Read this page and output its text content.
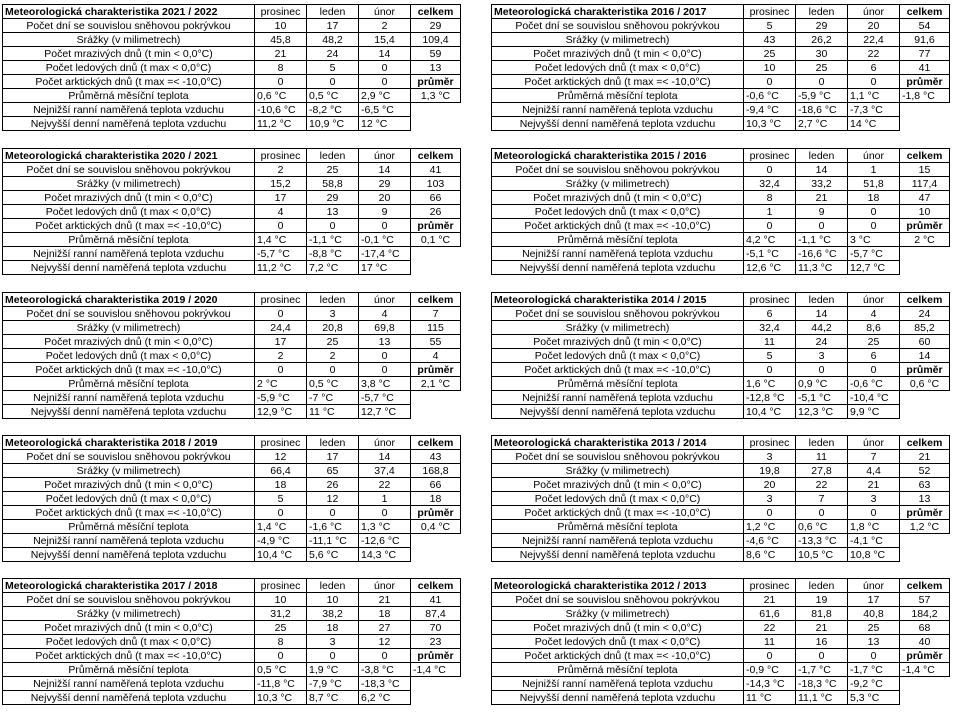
Meteorologická charakteristika 2021 / 2022	prosinec	leden	únor	celkem
Počet dní se souvislou sněhovou pokrývkou	10	17	2	29
Srážky (v milimetrech)	45,8	48,2	15,4	109,4
Počet mrazivých dnů (t min < 0,0°C)	21	24	14	59
Počet ledových dnů (t max < 0,0°C)	8	5	0	13
Počet arktických dnů (t max =< -10,0°C)	0	0	0	průměr
Průměrná měsíční teplota	0,6 °C	0,5 °C	2,9 °C	1,3 °C
Nejnižší ranní naměřená teplota vzduchu	-10,6 °C	-8,2 °C	-6,5 °C	
Nejvyšší denní naměřená teplota vzduchu	11,2 °C	10,9 °C	12 °C	
Meteorologická charakteristika 2020 / 2021	prosinec	leden	únor	celkem
Počet dní se souvislou sněhovou pokrývkou	2	25	14	41
Srážky (v milimetrech)	15,2	58,8	29	103
Počet mrazivých dnů (t min < 0,0°C)	17	29	20	66
Počet ledových dnů (t max < 0,0°C)	4	13	9	26
Počet arktických dnů (t max =< -10,0°C)	0	0	0	průměr
Průměrná měsíční teplota	1,4 °C	-1,1 °C	-0,1 °C	0,1 °C
Nejnižší ranní naměřená teplota vzduchu	-5,7 °C	-8,8 °C	-17,4 °C	
Nejvyšší denní naměřená teplota vzduchu	11,2 °C	7,2 °C	17 °C	
Meteorologická charakteristika 2019 / 2020	prosinec	leden	únor	celkem
Počet dní se souvislou sněhovou pokrývkou	0	3	4	7
Srážky (v milimetrech)	24,4	20,8	69,8	115
Počet mrazivých dnů (t min < 0,0°C)	17	25	13	55
Počet ledových dnů (t max < 0,0°C)	2	2	0	4
Počet arktických dnů (t max =< -10,0°C)	0	0	0	průměr
Průměrná měsíční teplota	2 °C	0,5 °C	3,8 °C	2,1 °C
Nejnižší ranní naměřená teplota vzduchu	-5,9 °C	-7 °C	-5,7 °C	
Nejvyšší denní naměřená teplota vzduchu	12,9 °C	11 °C	12,7 °C	
Meteorologická charakteristika 2018 / 2019	prosinec	leden	únor	celkem
Počet dní se souvislou sněhovou pokrývkou	12	17	14	43
Srážky (v milimetrech)	66,4	65	37,4	168,8
Počet mrazivých dnů (t min < 0,0°C)	18	26	22	66
Počet ledových dnů (t max < 0,0°C)	5	12	1	18
Počet arktických dnů (t max =< -10,0°C)	0	0	0	průměr
Průměrná měsíční teplota	1,4 °C	-1,6 °C	1,3 °C	0,4 °C
Nejnižší ranní naměřená teplota vzduchu	-4,9 °C	-11,1 °C	-12,6 °C	
Nejvyšší denní naměřená teplota vzduchu	10,4 °C	5,6 °C	14,3 °C	
Meteorologická charakteristika 2017 / 2018	prosinec	leden	únor	celkem
Počet dní se souvislou sněhovou pokrývkou	10	10	21	41
Srážky (v milimetrech)	31,2	38,2	18	87,4
Počet mrazivých dnů (t min < 0,0°C)	25	18	27	70
Počet ledových dnů (t max < 0,0°C)	8	3	12	23
Počet arktických dnů (t max =< -10,0°C)	0	0	0	průměr
Průměrná měsíční teplota	0,5 °C	1,9 °C	-3,8 °C	-1,4 °C
Nejnižší ranní naměřená teplota vzduchu	-11,8 °C	-7,9 °C	-18,3 °C	
Nejvyšší denní naměřená teplota vzduchu	10,3 °C	8,7 °C	6,2 °C	
Meteorologická charakteristika 2016 / 2017	prosinec	leden	únor	celkem
Počet dní se souvislou sněhovou pokrývkou	5	29	20	54
Srážky (v milimetrech)	43	26,2	22,4	91,6
Počet mrazivých dnů (t min < 0,0°C)	25	30	22	77
Počet ledových dnů (t max < 0,0°C)	10	25	6	41
Počet arktických dnů (t max =< -10,0°C)	0	0	0	průměr
Průměrná měsíční teplota	-0,6 °C	-5,9 °C	1,1 °C	-1,8 °C
Nejnižší ranní naměřená teplota vzduchu	-9,4 °C	-18,6 °C	-7,3 °C	
Nejvyšší denní naměřená teplota vzduchu	10,3 °C	2,7 °C	14 °C	
Meteorologická charakteristika 2015 / 2016	prosinec	leden	únor	celkem
Počet dní se souvislou sněhovou pokrývkou	0	14	1	15
Srážky (v milimetrech)	32,4	33,2	51,8	117,4
Počet mrazivých dnů (t min < 0,0°C)	8	21	18	47
Počet ledových dnů (t max < 0,0°C)	1	9	0	10
Počet arktických dnů (t max =< -10,0°C)	0	0	0	průměr
Průměrná měsíční teplota	4,2 °C	-1,1 °C	3 °C	2 °C
Nejnižší ranní naměřená teplota vzduchu	-5,1 °C	-16,6 °C	-5,7 °C	
Nejvyšší denní naměřená teplota vzduchu	12,6 °C	11,3 °C	12,7 °C	
Meteorologická charakteristika 2014 / 2015	prosinec	leden	únor	celkem
Počet dní se souvislou sněhovou pokrývkou	6	14	4	24
Srážky (v milimetrech)	32,4	44,2	8,6	85,2
Počet mrazivých dnů (t min < 0,0°C)	11	24	25	60
Počet ledových dnů (t max < 0,0°C)	5	3	6	14
Počet arktických dnů (t max =< -10,0°C)	0	0	0	průměr
Průměrná měsíční teplota	1,6 °C	0,9 °C	-0,6 °C	0,6 °C
Nejnižší ranní naměřená teplota vzduchu	-12,8 °C	-5,1 °C	-10,4 °C	
Nejvyšší denní naměřená teplota vzduchu	10,4 °C	12,3 °C	9,9 °C	
Meteorologická charakteristika 2013 / 2014	prosinec	leden	únor	celkem
Počet dní se souvislou sněhovou pokrývkou	3	11	7	21
Srážky (v milimetrech)	19,8	27,8	4,4	52
Počet mrazivých dnů (t min < 0,0°C)	20	22	21	63
Počet ledových dnů (t max < 0,0°C)	3	7	3	13
Počet arktických dnů (t max =< -10,0°C)	0	0	0	průměr
Průměrná měsíční teplota	1,2 °C	0,6 °C	1,8 °C	1,2 °C
Nejnižší ranní naměřená teplota vzduchu	-4,6 °C	-13,3 °C	-4,1 °C	
Nejvyšší denní naměřená teplota vzduchu	8,6 °C	10,5 °C	10,8 °C	
Meteorologická charakteristika 2012 / 2013	prosinec	leden	únor	celkem
Počet dní se souvislou sněhovou pokrývkou	21	19	17	57
Srážky (v milimetrech)	61,6	81,8	40,8	184,2
Počet mrazivých dnů (t min < 0,0°C)	22	21	25	68
Počet ledových dnů (t max < 0,0°C)	11	16	13	40
Počet arktických dnů (t max =< -10,0°C)	0	0	0	průměr
Průměrná měsíční teplota	-0,9 °C	-1,7 °C	-1,7 °C	-1,4 °C
Nejnižší ranní naměřená teplota vzduchu	-14,3 °C	-18,3 °C	-9,2 °C	
Nejvyšší denní naměřená teplota vzduchu	11 °C	11,1 °C	5,3 °C	
